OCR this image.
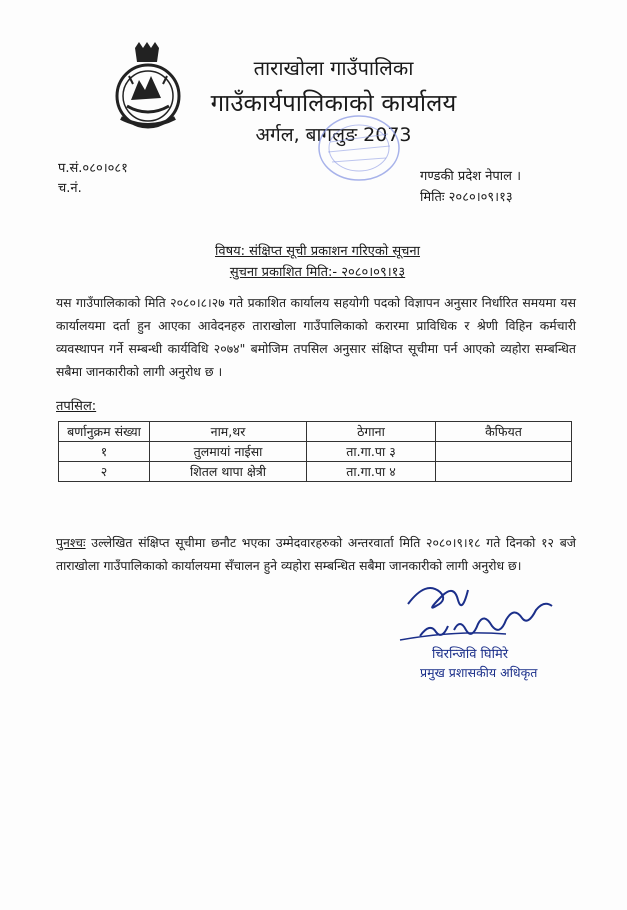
ताराखोला गाउँपालिका
गाउँकार्यपालिकाको कार्यालय
अर्गल, बागलुङ 2073
प.सं.०८०।०८१
च.नं.
गण्डकी प्रदेश नेपाल ।
मितिः २०८०।०९।१३
विषय: संक्षिप्त सूची प्रकाशन गरिएको सूचना
सुचना प्रकाशित मिति:- २०८०।०९।१३
यस गाउँपालिकाको मिति २०८०।८।२७ गते प्रकाशित कार्यालय सहयोगी पदको विज्ञापन अनुसार निर्धारित समयमा यस कार्यालयमा दर्ता हुन आएका आवेदनहरु ताराखोला गाउँपालिकाको करारमा प्राविधिक र श्रेणी विहिन कर्मचारी व्यवस्थापन गर्ने सम्बन्धी कार्यविधि २०७४" बमोजिम तपसिल अनुसार संक्षिप्त सूचीमा पर्न आएको व्यहोरा सम्बन्धित सबैमा जानकारीको लागी अनुरोध छ ।
तपसिल:
बर्णानुक्रम संख्या	नाम,थर	ठेगाना	कैफियत
१	तुलमायां नाईसा	ता.गा.पा ३	
२	शितल थापा क्षेत्री	ता.गा.पा ४	
पुनश्चः उल्लेखित संक्षिप्त सूचीमा छनौट भएका उम्मेदवारहरुको अन्तरवार्ता मिति २०८०।९।१८ गते दिनको १२ बजे ताराखोला गाउँपालिकाको कार्यालयमा सँचालन हुने व्यहोरा सम्बन्धित सबैमा जानकारीको लागी अनुरोध छ।
चिरन्जिवि घिमिरे
प्रमुख प्रशासकीय अधिकृत
